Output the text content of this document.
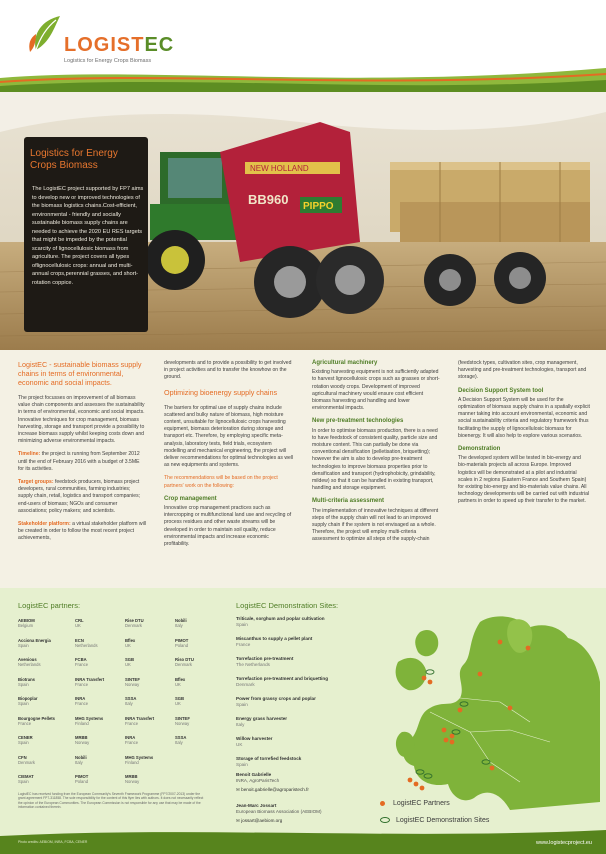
LOGISTEC
Logistics for Energy Crops Biomass
NEW HOLLAND
BB960 PIPPO
Logistics for Energy Crops Biomass
The LogistEC project supported by FP7 aims to develop new or improved technologies of the biomass logistics chains.Cost-efficient, environmental - friendly and socially sustainable biomass supply chains are needed to achieve the 2020 EU RES targets that might be impeded by the potential scarcity of lignocellulosic biomass from agriculture. The project covers all types oflignocellulosic crops: annual and multi-annual crops,perennial grasses, and short-rotation coppice.
LogistEC - sustainable biomass supply chains in terms of environmental, economic and social impacts.

The project focusses on improvement of all biomass value chain components and assesses the sustainability in terms of environmental, economic and social impacts. Innovative techniques for crop management, biomass harvesting, storage and transport provide a possibility to increase biomass supply whilst keeping costs down and minimizing adverse environmental impacts.

Timeline: the project is running from September 2012 until the end of February 2016 with a budget of 3.5ME for its activities.

Target groups: feedstock producers, biomass project developers, rural communities, farming industries; supply chain, retail, logistics and transport companies; end-users of biomass; NGOs and consumer associations; policy makers; and scientists.

Stakeholder platform: a virtual stakeholder platform will be created in order to follow the most recent project achievements,

developments and to provide a possibility to get involved in project activities and to transfer the knowhow on the ground.

Optimizing bioenergy supply chains

The barriers for optimal use of supply chains include scattered and bulky nature of biomass, high moisture content, unsuitable for lignocellulosic crops harvesting equipment, biomass deterioration during storage and transport etc. Therefore, by employing specific meta-analysis, laboratory tests, field trials, ecosystem modelling and mechanical engineering, the project will deliver recommendations for optimal technologies as well as new equipments and systems.

The recommendations will be based on the project partners' work on the following:

Crop management

Innovative crop management practices such as intercropping or multifunctional land use and recycling of process residues and other waste streams will be developed in order to maintain soil quality, reduce environmental impacts and increase economic profitability.

Agricultural machinery

Existing harvesting equipment is not sufficiently adapted to harvest lignocellulosic crops such as grasses or short-rotation woody crops. Development of improved agricultural machinery would ensure cost efficient biomass harvesting and handling and lower environmental impacts.

New pre-treatment technologies

In order to optimise biomass production, there is a need to have feedstock of consistent quality, particle size and moisture content. This can partially be done via conventional densification (pelletisation, briquetting); however the aim is also to develop pre-treatment technologies to improve biomass properties prior to densification and transport (hydrophobicity, grindability, mildew) so that it can be handled in existing transport, handling and storage equipment.

Multi-criteria assessment

The implementation of innovative techniques at different steps of the supply chain will not lead to an improved supply chain if the system is not envisaged as a whole. Therefore, the project will employ multi-criteria assessment to optimize all steps of the supply-chain

(feedstock types, cultivation sites, crop management, harvesting and pre-treatment technologies, transport and storage).

Decision Support System tool

A Decision Support System will be used for the optimization of biomass supply chains in a spatially explicit manner taking into account environmental, economic and social sustainability criteria and regulatory framework thus facilitating the supply of lignocellulosic biomass for bioenergy. It will also help to explore various scenarios.

Demonstration

The developed system will be tested in bio-energy and bio-materials projects all across Europe. Improved logistics will be demonstrated at a pilot and industrial scales in 2 regions (Eastern France and Southern Spain) for existing bio-energy and bio-materials value chains. All technology developments will be carried out with industrial partners in order to speed up their transfer to the market.

LogistEC partners:
AEBIOM
Belgium
CRL
UK
Rise DTU
Denmark
Nobili
Italy
Acciona Energia
Spain
ECN
Netherlands
Bflex
UK
PIMOT
Poland
Avenious
Netherlands
FCBA
France
SGB
UK
Riso DTU
Denmark
Biotrans
Spain
INRA Transfert
France
SINTEF
Norway
Bflex
UK
Biopoplar
Spain
INRA
France
SSSA
Italy
SGB
UK
Bourgogne Pellets
France
MHG Systems
Finland
INRA Transfert
France
SINTEF
Norway
CENER
Spain
MRBB
Norway
INRA
France
SSSA
Italy
CFN
Denmark
Nobili
Italy
MHG Systems
Finland
CIEMAT
Spain
PIMOT
Poland
MRBB
Norway
LogistEC has received funding from the European Community's Seventh Framework Programme (FP7/2007-2013) under the grant agreement FP7-311858. The sole responsibility for the content of this flyer lies with authors. It does not necessarily reflect the opinion of the European Communities. The European Commission is not responsible for any use that may be made of the information contained therein.
LogistEC Demonstration Sites:
Triticale, sorghum and poplar cultivation
Spain
Miscanthus to supply a pellet plant
France
Torrefaction pre-treatment
The Netherlands
Torrefaction pre-treatment and briquetting
Denmark
Power from grassy crops and poplar
Spain
Energy grass harvester
Italy
Willow harvester
UK
Storage of torrefied feedstock
Spain
Benoit Gabrielle
INRA, AgroParisTech
✉ benoit.gabrielle@agroparistech.fr
Jean-Marc Jossart
European Biomass Association (AEBIOM)
✉ jossart@aebiom.org
LogistEC Partners
LogistEC Demonstration Sites
Photo credits: AEBIOM, INRA, FCBA, CENER	www.logistecproject.eu
